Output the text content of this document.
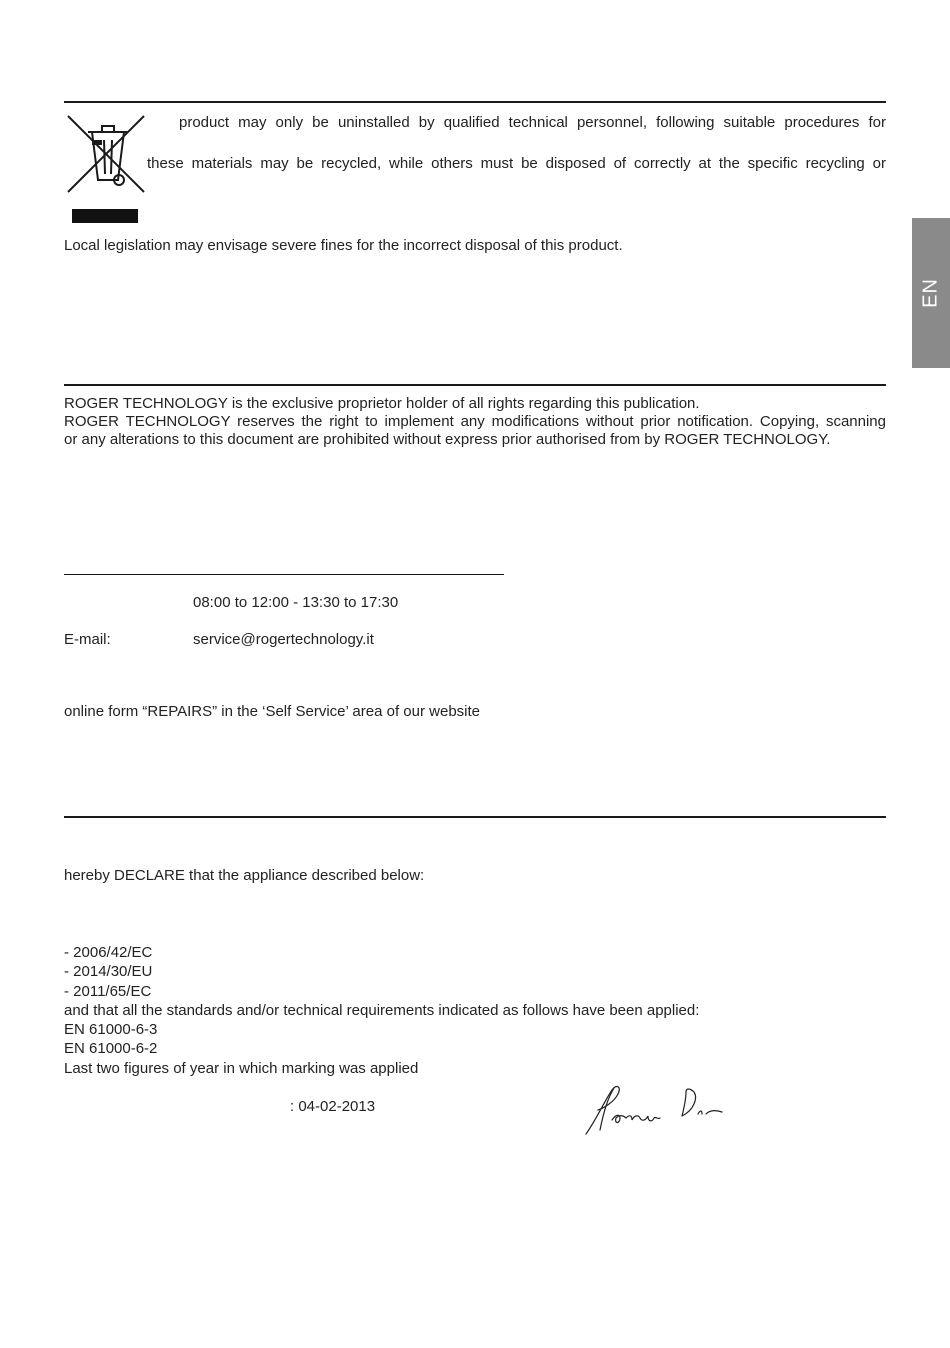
EN
product may only be uninstalled by qualified technical personnel, following suitable procedures for
these materials may be recycled, while others must be disposed of correctly at the specific recycling or
Local legislation may envisage severe fines for the incorrect disposal of this product.
ROGER TECHNOLOGY is the exclusive proprietor holder of all rights regarding this publication.
ROGER TECHNOLOGY reserves the right to implement any modifications without prior notification. Copying, scanning
or any alterations to this document are prohibited without express prior authorised from by ROGER TECHNOLOGY.
08:00 to 12:00 - 13:30 to 17:30
E-mail:	service@rogertechnology.it
online form “REPAIRS” in the ‘Self Service’ area of our website
hereby DECLARE that the appliance described below:
- 2006/42/EC
- 2014/30/EU
- 2011/65/EC
and that all the standards and/or technical requirements indicated as follows have been applied:
EN 61000-6-3
EN 61000-6-2
Last two figures of year in which marking was applied
: 04-02-2013
